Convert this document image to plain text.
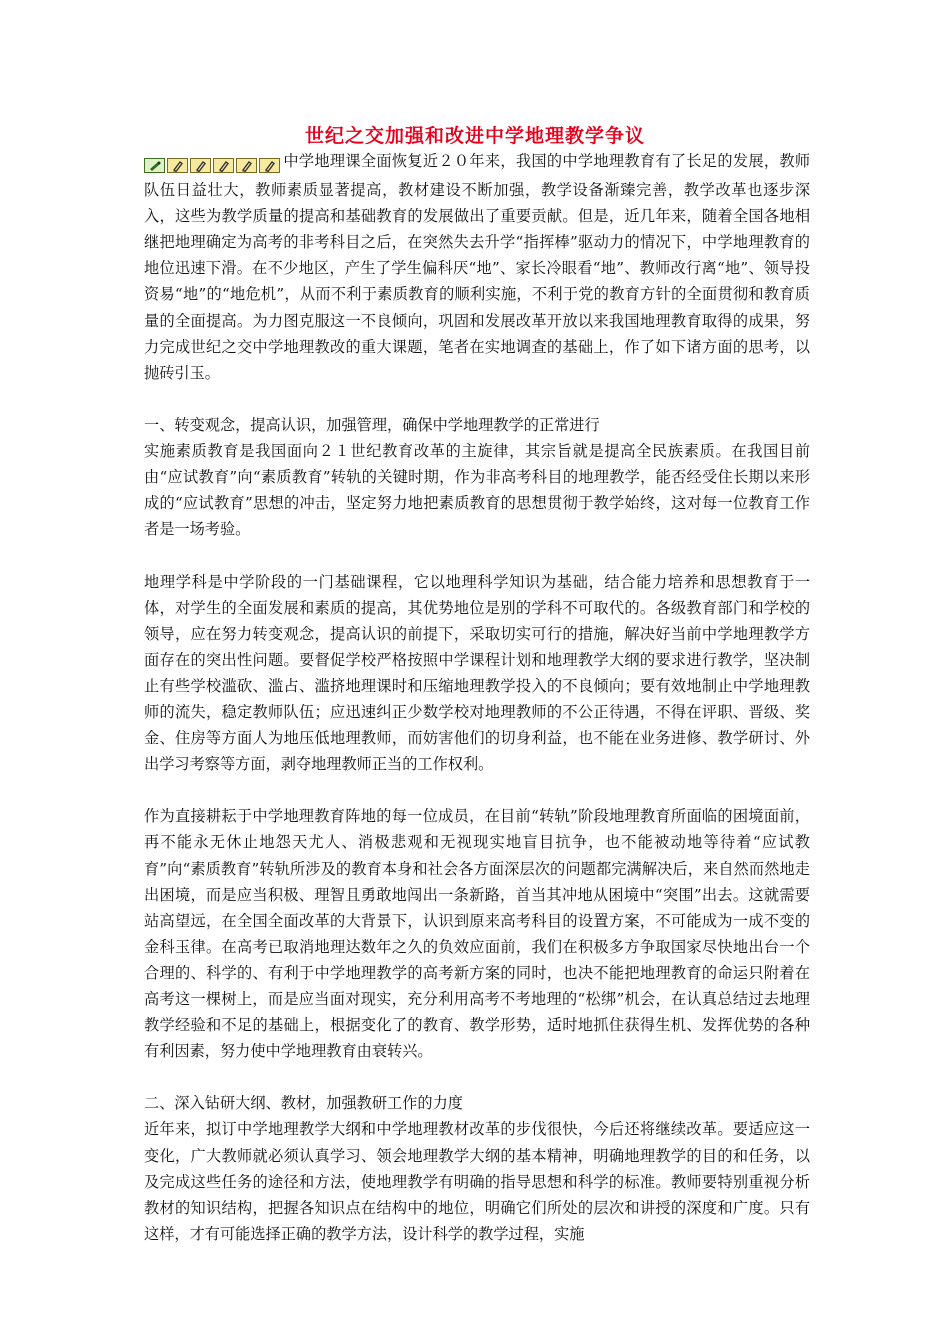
世纪之交加强和改进中学地理教学争议

中学地理课全面恢复近２０年来，我国的中学地理教育有了长足的发展，教师队伍日益壮大，教师素质显著提高，教材建设不断加强，教学设备渐臻完善，教学改革也逐步深入，这些为教学质量的提高和基础教育的发展做出了重要贡献。但是，近几年来，随着全国各地相继把地理确定为高考的非考科目之后，在突然失去升学“指挥棒”驱动力的情况下，中学地理教育的地位迅速下滑。在不少地区，产生了学生偏科厌“地”、家长冷眼看“地”、教师改行离“地”、领导投资易“地”的“地危机”，从而不利于素质教育的顺利实施，不利于党的教育方针的全面贯彻和教育质量的全面提高。为力图克服这一不良倾向，巩固和发展改革开放以来我国地理教育取得的成果，努力完成世纪之交中学地理教改的重大课题，笔者在实地调查的基础上，作了如下诸方面的思考，以抛砖引玉。

一、转变观念，提高认识，加强管理，确保中学地理教学的正常进行

实施素质教育是我国面向２１世纪教育改革的主旋律，其宗旨就是提高全民族素质。在我国目前由“应试教育”向“素质教育”转轨的关键时期，作为非高考科目的地理教学，能否经受住长期以来形成的“应试教育”思想的冲击，坚定努力地把素质教育的思想贯彻于教学始终，这对每一位教育工作者是一场考验。

地理学科是中学阶段的一门基础课程，它以地理科学知识为基础，结合能力培养和思想教育于一体，对学生的全面发展和素质的提高，其优势地位是别的学科不可取代的。各级教育部门和学校的领导，应在努力转变观念，提高认识的前提下，采取切实可行的措施，解决好当前中学地理教学方面存在的突出性问题。要督促学校严格按照中学课程计划和地理教学大纲的要求进行教学，坚决制止有些学校滥砍、滥占、滥挤地理课时和压缩地理教学投入的不良倾向；要有效地制止中学地理教师的流失，稳定教师队伍；应迅速纠正少数学校对地理教师的不公正待遇，不得在评职、晋级、奖金、住房等方面人为地压低地理教师，而妨害他们的切身利益，也不能在业务进修、教学研讨、外出学习考察等方面，剥夺地理教师正当的工作权利。

作为直接耕耘于中学地理教育阵地的每一位成员，在目前“转轨”阶段地理教育所面临的困境面前，再不能永无休止地怨天尤人、消极悲观和无视现实地盲目抗争，也不能被动地等待着“应试教育”向“素质教育”转轨所涉及的教育本身和社会各方面深层次的问题都完满解决后，来自然而然地走出困境，而是应当积极、理智且勇敢地闯出一条新路，首当其冲地从困境中“突围”出去。这就需要站高望远，在全国全面改革的大背景下，认识到原来高考科目的设置方案，不可能成为一成不变的金科玉律。在高考已取消地理达数年之久的负效应面前，我们在积极多方争取国家尽快地出台一个合理的、科学的、有利于中学地理教学的高考新方案的同时，也决不能把地理教育的命运只附着在高考这一棵树上，而是应当面对现实，充分利用高考不考地理的“松绑”机会，在认真总结过去地理教学经验和不足的基础上，根据变化了的教育、教学形势，适时地抓住获得生机、发挥优势的各种有利因素，努力使中学地理教育由衰转兴。

二、深入钻研大纲、教材，加强教研工作的力度

近年来，拟订中学地理教学大纲和中学地理教材改革的步伐很快，今后还将继续改革。要适应这一变化，广大教师就必须认真学习、领会地理教学大纲的基本精神，明确地理教学的目的和任务，以及完成这些任务的途径和方法，使地理教学有明确的指导思想和科学的标准。教师要特别重视分析教材的知识结构，把握各知识点在结构中的地位，明确它们所处的层次和讲授的深度和广度。只有这样，才有可能选择正确的教学方法，设计科学的教学过程，实施
